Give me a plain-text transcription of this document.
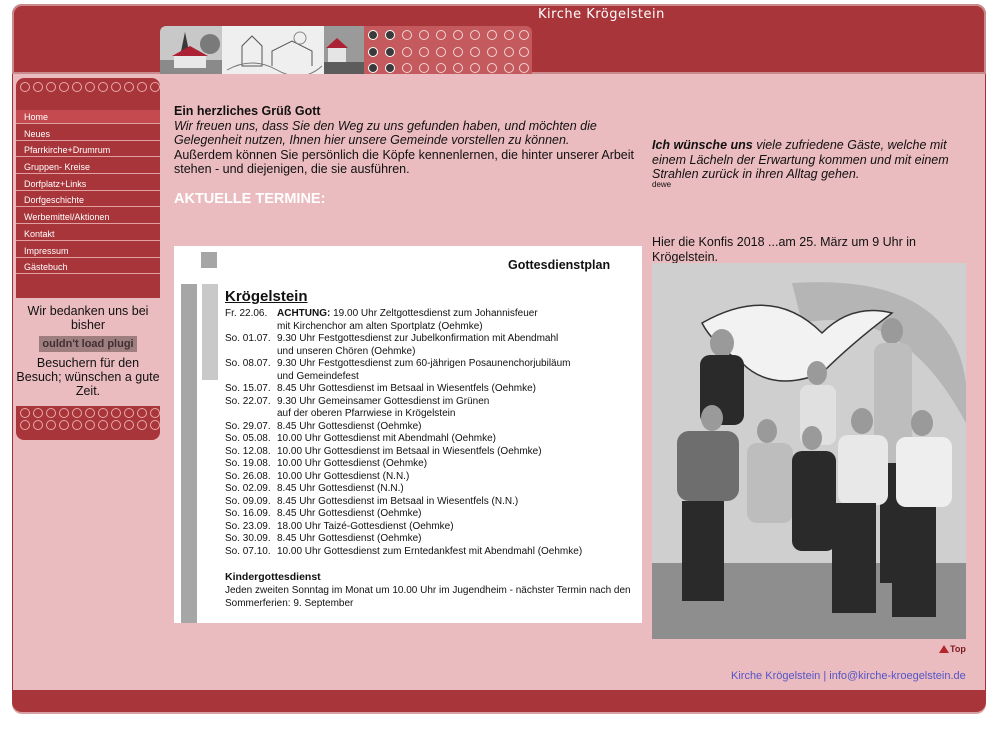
Kirche Krögelstein
Home
Neues
Pfarrkirche+Drumrum
Gruppen- Kreise
Dorfplatz+Links
Dorfgeschichte
Werbemittel/Aktionen
Kontakt
Impressum
Gästebuch
Wir bedanken uns bei bisher
ouldn't load plugi
Besuchern für den Besuch; wünschen a gute Zeit.
Ein herzliches Grüß Gott
Wir freuen uns, dass Sie den Weg zu uns gefunden haben, und möchten die Gelegenheit nutzen, Ihnen hier unsere Gemeinde vorstellen zu können.
Außerdem können Sie persönlich die Köpfe kennenlernen, die hinter unserer Arbeit stehen - und diejenigen, die sie ausführen.
AKTUELLE TERMINE:
Gottesdienstplan
Krögelstein
Fr. 22.06. ACHTUNG: 19.00 Uhr Zeltgottesdienst zum Johannisfeuer
mit Kirchenchor am alten Sportplatz (Oehmke)
So. 01.07. 9.30 Uhr Festgottesdienst zur Jubelkonfirmation mit Abendmahl
und unseren Chören (Oehmke)
So. 08.07. 9.30 Uhr Festgottesdienst zum 60-jährigen Posaunenchorjubiläum
und Gemeindefest
So. 15.07. 8.45 Uhr Gottesdienst im Betsaal in Wiesentfels (Oehmke)
So. 22.07. 9.30 Uhr Gemeinsamer Gottesdienst im Grünen
auf der oberen Pfarrwiese in Krögelstein
So. 29.07. 8.45 Uhr Gottesdienst (Oehmke)
So. 05.08. 10.00 Uhr Gottesdienst mit Abendmahl (Oehmke)
So. 12.08. 10.00 Uhr Gottesdienst im Betsaal in Wiesentfels (Oehmke)
So. 19.08. 10.00 Uhr Gottesdienst (Oehmke)
So. 26.08. 10.00 Uhr Gottesdienst (N.N.)
So. 02.09. 8.45 Uhr Gottesdienst (N.N.)
So. 09.09. 8.45 Uhr Gottesdienst im Betsaal in Wiesentfels (N.N.)
So. 16.09. 8.45 Uhr Gottesdienst (Oehmke)
So. 23.09. 18.00 Uhr Taizé-Gottesdienst (Oehmke)
So. 30.09. 8.45 Uhr Gottesdienst (Oehmke)
So. 07.10. 10.00 Uhr Gottesdienst zum Erntedankfest mit Abendmahl (Oehmke)
Kindergottesdienst
Jeden zweiten Sonntag im Monat um 10.00 Uhr im Jugendheim - nächster Termin nach den Sommerferien: 9. September
Ich wünsche uns viele zufriedene Gäste, welche mit einem Lächeln der Erwartung kommen und mit einem Strahlen zurück in ihren Alltag gehen.
dewe
Hier die Konfis 2018 ...am 25. März um 9 Uhr in Krögelstein.
Top
Kirche Krögelstein | info@kirche-kroegelstein.de
